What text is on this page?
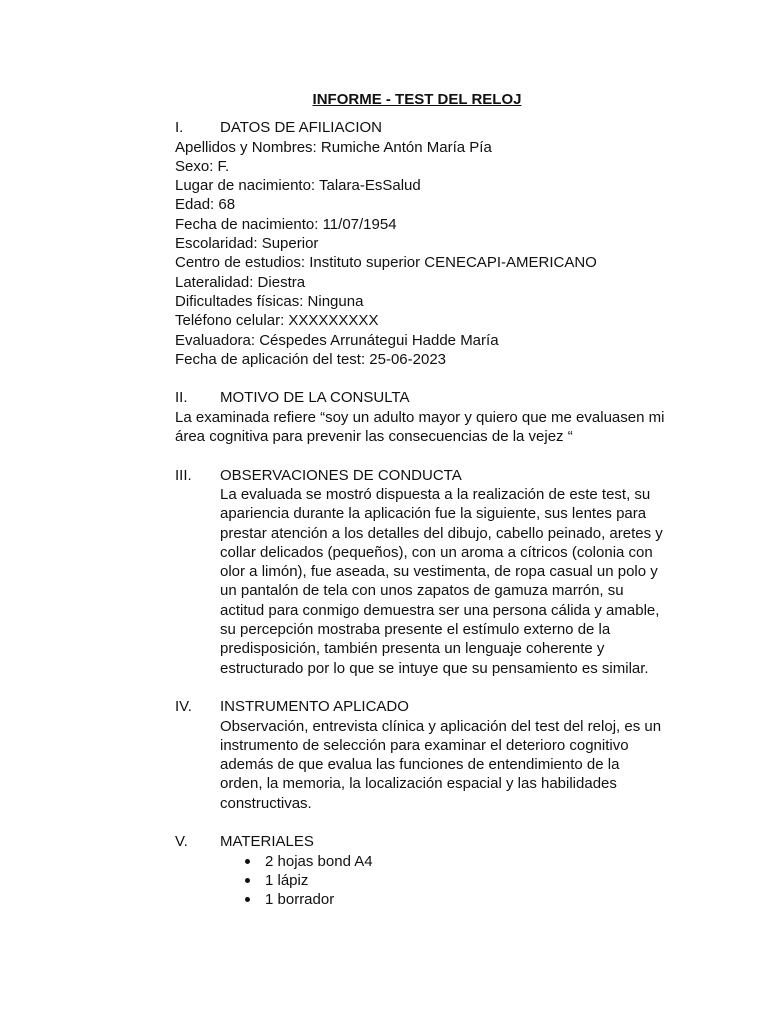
INFORME - TEST DEL RELOJ

I.	DATOS DE AFILIACION

Apellidos y Nombres: Rumiche Antón María Pía

Sexo: F.

Lugar de nacimiento: Talara-EsSalud

Edad: 68

Fecha de nacimiento: 11/07/1954

Escolaridad: Superior

Centro de estudios: Instituto superior CENECAPI-AMERICANO

Lateralidad: Diestra

Dificultades físicas: Ninguna

Teléfono celular: XXXXXXXXX

Evaluadora: Céspedes Arrunátegui Hadde María

Fecha de aplicación del test: 25-06-2023

II.	MOTIVO DE LA CONSULTA

La examinada refiere “soy un adulto mayor y quiero que me evaluasen mi área cognitiva para prevenir las consecuencias de la vejez “

III.	OBSERVACIONES DE CONDUCTA

La evaluada se mostró dispuesta a la realización de este test, su apariencia durante la aplicación fue la siguiente, sus lentes para prestar atención a los detalles del dibujo, cabello peinado, aretes y collar delicados (pequeños), con un aroma a cítricos (colonia con olor a limón), fue aseada, su vestimenta, de ropa casual un polo y un pantalón de tela con unos zapatos de gamuza marrón, su actitud para conmigo demuestra ser una persona cálida y amable, su percepción mostraba presente el estímulo externo de la predisposición, también presenta un lenguaje coherente y estructurado por lo que se intuye que su pensamiento es similar.

IV.	INSTRUMENTO APLICADO

Observación, entrevista clínica y aplicación del test del reloj, es un instrumento de selección para examinar el deterioro cognitivo además de que evalua las funciones de entendimiento de la orden, la memoria, la localización espacial y las habilidades constructivas.

V.	MATERIALES
2 hojas bond A4
1 lápiz
1 borrador
